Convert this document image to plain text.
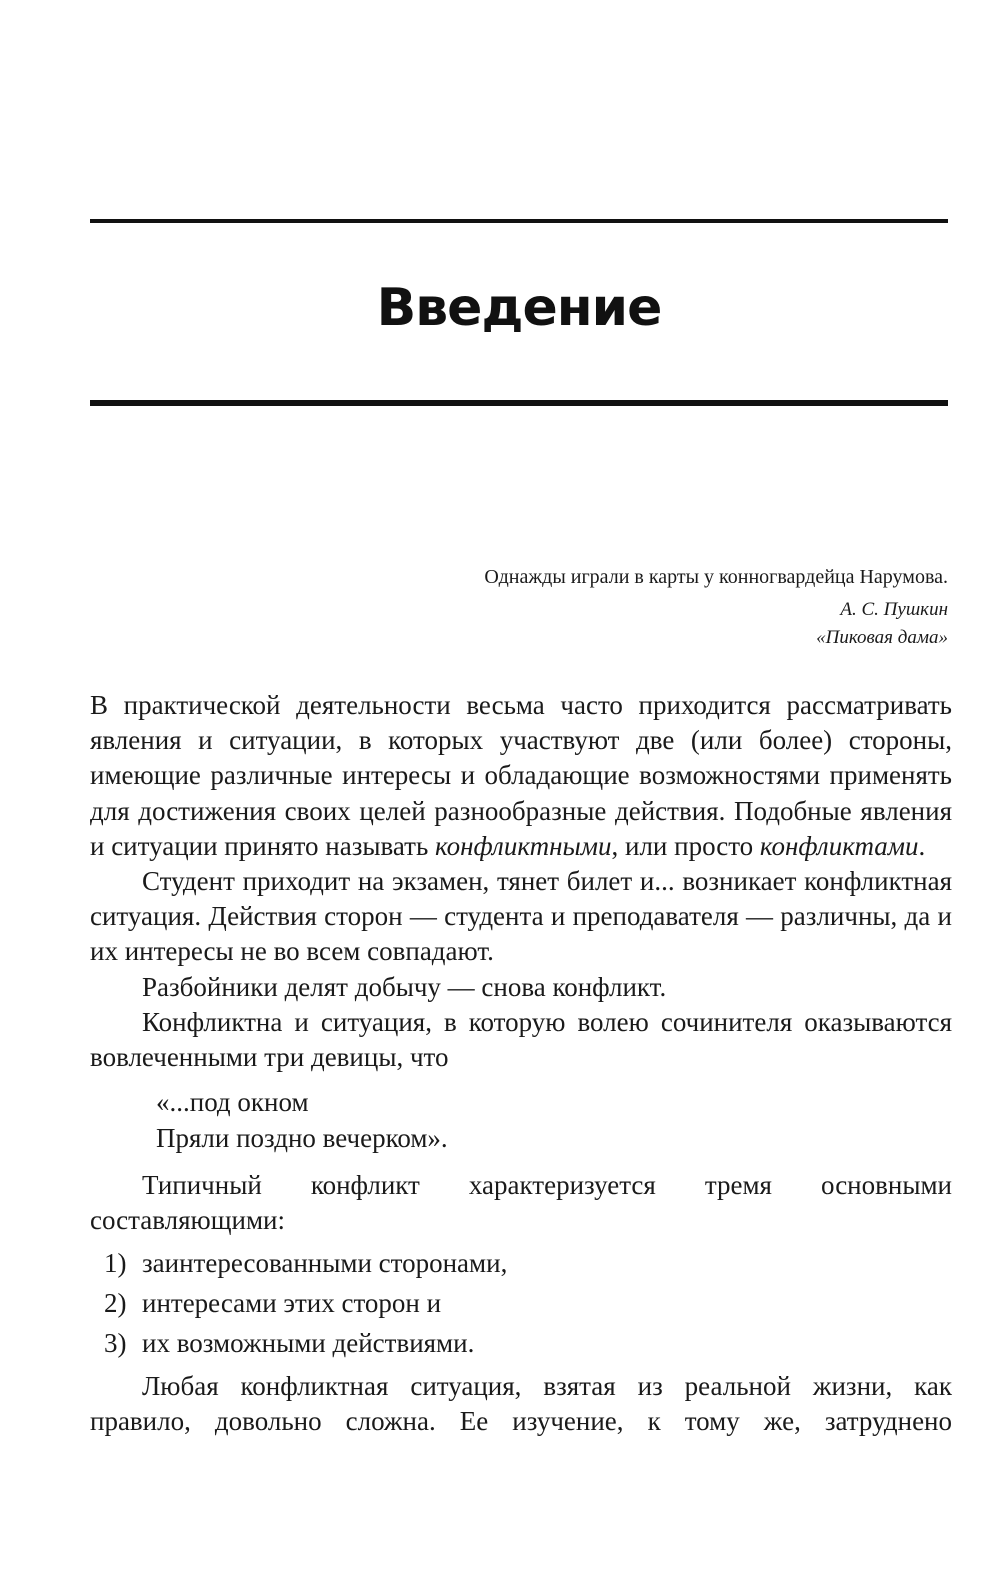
Введение
Однажды играли в карты у конногвардейца Нарумова.
А. С. Пушкин
«Пиковая дама»

В практической деятельности весьма часто приходится рассматривать явления и ситуации, в которых участвуют две (или более) стороны, имеющие различные интересы и обладающие возможностями применять для достижения своих целей разнообразные действия. Подобные явления и ситуации принято называть конфликтными, или просто конфликтами.

Студент приходит на экзамен, тянет билет и... возникает конфликтная ситуация. Действия сторон — студента и преподавателя — различны, да и их интересы не во всем совпадают.

Разбойники делят добычу — снова конфликт.

Конфликтна и ситуация, в которую волею сочинителя оказываются вовлеченными три девицы, что

«...под окном
Пряли поздно вечерком».

Типичный конфликт характеризуется тремя основными составляющими:

1) заинтересованными сторонами,
2) интересами этих сторон и
3) их возможными действиями.

Любая конфликтная ситуация, взятая из реальной жизни, как правило, довольно сложна. Ее изучение, к тому же, затруднено
